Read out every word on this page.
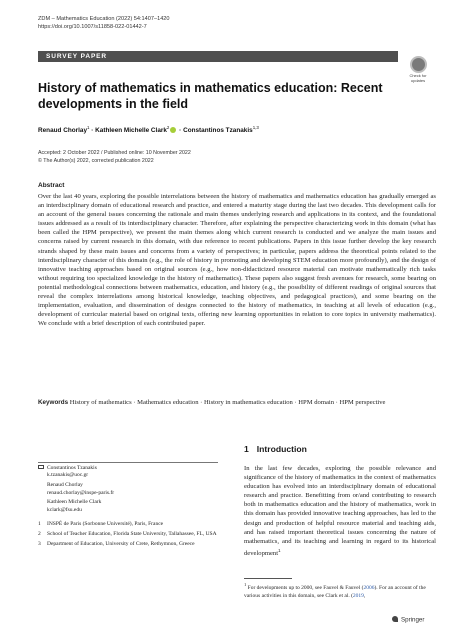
ZDM – Mathematics Education (2022) 54:1407–1420
https://doi.org/10.1007/s11858-022-01442-7
SURVEY PAPER
Check for updates
History of mathematics in mathematics education: Recent developments in the field
Renaud Chorlay$^1$ · Kathleen Michelle Clark$^2$ · Constantinos Tzanakis$^{1,3}$
Accepted: 2 October 2022 / Published online: 10 November 2022
© The Author(s) 2022, corrected publication 2022
Abstract
Over the last 40 years, exploring the possible interrelations between the history of mathematics and mathematics education has gradually emerged as an interdisciplinary domain of educational research and practice, and entered a maturity stage during the last two decades. This development calls for an account of the general issues concerning the rationale and main themes underlying research and applications in its context, and the foundational issues addressed as a result of its interdisciplinary character. Therefore, after explaining the perspective characterizing work in this domain (what has been called the HPM perspective), we present the main themes along which current research is conducted and we analyze the main issues and concerns raised by current research in this domain, with due reference to recent publications. Papers in this issue further develop the key research strands shaped by these main issues and concerns from a variety of perspectives; in particular, papers address the theoretical points related to the interdisciplinary character of this domain (e.g., the role of history in promoting and developing STEM education more profoundly), and the design of innovative teaching approaches based on original sources (e.g., how non-didacticized resource material can motivate mathematically rich tasks without requiring too specialized knowledge in the history of mathematics). These papers also suggest fresh avenues for research, some bearing on potential methodological connections between mathematics, education, and history (e.g., the possibility of different readings of original sources that reveal the complex interrelations among historical knowledge, teaching objectives, and pedagogical practices), and some bearing on the implementation, evaluation, and dissemination of designs connected to the history of mathematics, in teaching at all levels of education (e.g., development of curricular material based on original texts, offering new learning opportunities in relation to core topics in university mathematics). We conclude with a brief description of each contributed paper.
Keywords History of mathematics · Mathematics education · History in mathematics education · HPM domain · HPM perspective
1 Introduction
In the last few decades, exploring the possible relevance and significance of the history of mathematics in the context of mathematics education has evolved into an interdisciplinary domain of educational research and practice. Benefitting from or/and contributing to research both in mathematics education and the history of mathematics, work in this domain has provided innovative teaching approaches, has led to the design and production of helpful resource material and teaching aids, and has raised important theoretical issues concerning the nature of mathematics, and its teaching and learning in regard to its historical development$^1$
$^1$ For developments up to 2000, see Fauvel & Fauvel (2006). For an account of the various activities in this domain, see Clark et al. (2019,
Constantinos Tzanakis
k.tzanakis@uoc.gr
Renaud Chorlay
renaud.chorlay@inspe-paris.fr
Kathleen Michelle Clark
kclark@fsu.edu
1	INSPÉ de Paris (Sorbonne Université), Paris, France
2	School of Teacher Education, Florida State University, Tallahassee, FL, USA
3	Department of Education, University of Crete, Rethymnon, Greece
Springer
